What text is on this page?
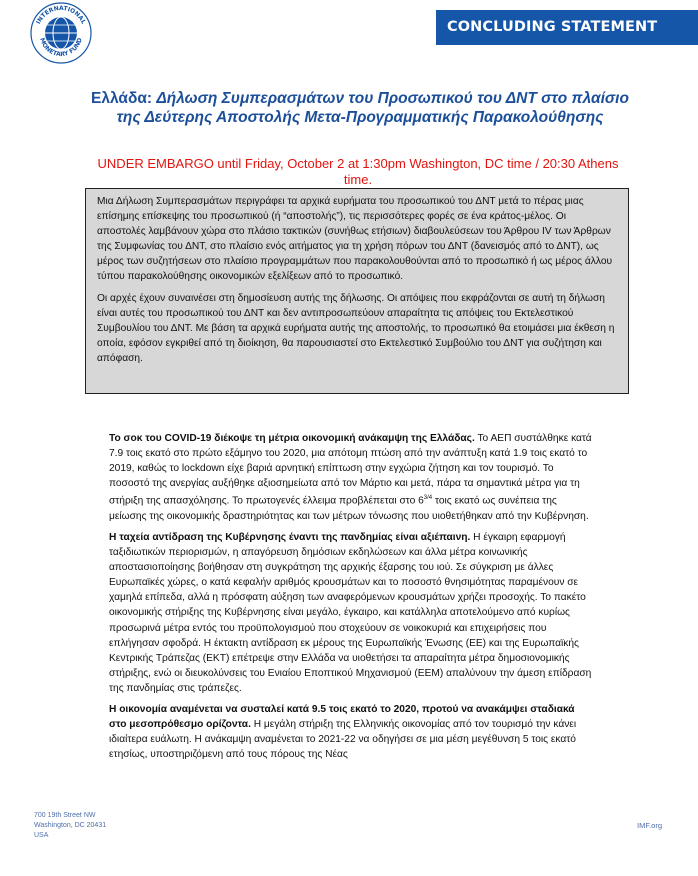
INTERNATIONAL
MONETARY FUND
CONCLUDING STATEMENT
Ελλάδα: Δήλωση Συμπερασμάτων του Προσωπικού του ΔΝΤ στο πλαίσιο της Δεύτερης Αποστολής Μετα-Προγραμματικής Παρακολούθησης
UNDER EMBARGO until Friday, October 2 at 1:30pm Washington, DC time / 20:30 Athens time.

Μια Δήλωση Συμπερασμάτων περιγράφει τα αρχικά ευρήματα του προσωπικού του ΔΝΤ μετά το πέρας μιας επίσημης επίσκεψης του προσωπικού (ή “αποστολής”), τις περισσότερες φορές σε ένα κράτος-μέλος. Οι αποστολές λαμβάνουν χώρα στο πλάσιο τακτικών (συνήθως ετήσιων) διαβουλεύσεων του Άρθρου IV των Άρθρων της Συμφωνίας του ΔΝΤ, στο πλαίσιο ενός αιτήματος για τη χρήση πόρων του ΔΝΤ (δανεισμός από το ΔΝΤ), ως μέρος των συζητήσεων στο πλαίσιο προγραμμάτων που παρακολουθούνται από το προσωπικό ή ως μέρος άλλου τύπου παρακολούθησης οικονομικών εξελίξεων από το προσωπικό.

Οι αρχές έχουν συναινέσει στη δημοσίευση αυτής της δήλωσης. Οι απόψεις που εκφράζονται σε αυτή τη δήλωση είναι αυτές του προσωπικού του ΔΝΤ και δεν αντιπροσωπεύουν απαραίτητα τις απόψεις του Εκτελεστικού Συμβουλίου του ΔΝΤ. Με βάση τα αρχικά ευρήματα αυτής της αποστολής, το προσωπικό θα ετοιμάσει μια έκθεση η οποία, εφόσον εγκριθεί από τη διοίκηση, θα παρουσιαστεί στο Εκτελεστικό Συμβούλιο του ΔΝΤ για συζήτηση και απόφαση.

Το σοκ του COVID-19 διέκοψε τη μέτρια οικονομική ανάκαμψη της Ελλάδας. Το ΑΕΠ συστάλθηκε κατά 7.9 τοις εκατό στο πρώτο εξάμηνο του 2020, μια απότομη πτώση από την ανάπτυξη κατά 1.9 τοις εκατό το 2019, καθώς το lockdown είχε βαριά αρνητική επίπτωση στην εγχώρια ζήτηση και τον τουρισμό. Το ποσοστό της ανεργίας αυξήθηκε αξιοσημείωτα από τον Μάρτιο και μετά, πάρα τα σημαντικά μέτρα για τη στήριξη της απασχόλησης. Το πρωτογενές έλλειμα προβλέπεται στο $6^{3/4}$ τοις εκατό ως συνέπεια της μείωσης της οικονομικής δραστηριότητας και των μέτρων τόνωσης που υιοθετήθηκαν από την Κυβέρνηση.

Η ταχεία αντίδραση της Κυβέρνησης έναντι της πανδημίας είναι αξιέπαινη. Η έγκαιρη εφαρμογή ταξιδιωτικών περιορισμών, η απαγόρευση δημόσιων εκδηλώσεων και άλλα μέτρα κοινωνικής αποστασιοποίησης βοήθησαν στη συγκράτηση της αρχικής έξαρσης του ιού. Σε σύγκριση με άλλες Ευρωπαϊκές χώρες, ο κατά κεφαλήν αριθμός κρουσμάτων και το ποσοστό θνησιμότητας παραμένουν σε χαμηλά επίπεδα, αλλά η πρόσφατη αύξηση των αναφερόμενων κρουσμάτων χρήζει προσοχής. Το πακέτο οικονομικής στήριξης της Κυβέρνησης είναι μεγάλο, έγκαιρο, και κατάλληλα αποτελούμενο από κυρίως προσωρινά μέτρα εντός του προϋπολογισμού που στοχεύουν σε νοικοκυριά και επιχειρήσεις που επλήγησαν σφοδρά. Η έκτακτη αντίδραση εκ μέρους της Ευρωπαϊκής Ένωσης (ΕΕ) και της Ευρωπαϊκής Κεντρικής Τράπεζας (ΕΚΤ) επέτρεψε στην Ελλάδα να υιοθετήσει τα απαραίτητα μέτρα δημοσιονομικής στήριξης, ενώ οι διευκολύνσεις του Ενιαίου Εποπτικού Μηχανισμού (ΕΕΜ) απαλύνουν την άμεση επίδραση της πανδημίας στις τράπεζες.

Η οικονομία αναμένεται να συσταλεί κατά 9.5 τοις εκατό το 2020, προτού να ανακάμψει σταδιακά στο μεσοπρόθεσμο ορίζοντα. Η μεγάλη στήριξη της Ελληνικής οικονομίας από τον τουρισμό την κάνει ιδιαίτερα ευάλωτη. Η ανάκαμψη αναμένεται το 2021-22 να οδηγήσει σε μια μέση μεγέθυνση 5 τοις εκατό ετησίως, υποστηριζόμενη από τους πόρους της Νέας

700 19th Street NW
Washington, DC 20431
USA
IMF.org
